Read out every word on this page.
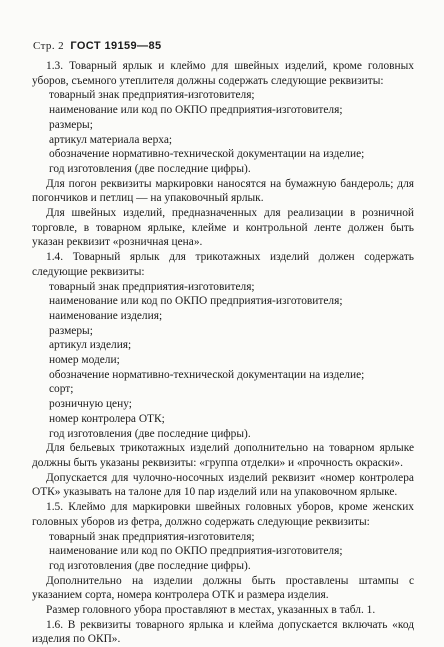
Стр. 2 ГОСТ 19159—85

1.3. Товарный ярлык и клеймо для швейных изделий, кроме головных уборов, съемного утеплителя должны содержать следующие реквизиты:

товарный знак предприятия-изготовителя;

наименование или код по ОКПО предприятия-изготовителя;

размеры;

артикул материала верха;

обозначение нормативно-технической документации на изделие;

год изготовления (две последние цифры).

Для погон реквизиты маркировки наносятся на бумажную бандероль; для погончиков и петлиц — на упаковочный ярлык.

Для швейных изделий, предназначенных для реализации в розничной торговле, в товарном ярлыке, клейме и контрольной ленте должен быть указан реквизит «розничная цена».

1.4. Товарный ярлык для трикотажных изделий должен содержать следующие реквизиты:

товарный знак предприятия-изготовителя;

наименование или код по ОКПО предприятия-изготовителя;

наименование изделия;

размеры;

артикул изделия;

номер модели;

обозначение нормативно-технической документации на изделие;

сорт;

розничную цену;

номер контролера ОТК;

год изготовления (две последние цифры).

Для бельевых трикотажных изделий дополнительно на товарном ярлыке должны быть указаны реквизиты: «группа отделки» и «прочность окраски».

Допускается для чулочно-носочных изделий реквизит «номер контролера ОТК» указывать на талоне для 10 пар изделий или на упаковочном ярлыке.

1.5. Клеймо для маркировки швейных головных уборов, кроме женских головных уборов из фетра, должно содержать следующие реквизиты:

товарный знак предприятия-изготовителя;

наименование или код по ОКПО предприятия-изготовителя;

год изготовления (две последние цифры).

Дополнительно на изделии должны быть проставлены штампы с указанием сорта, номера контролера ОТК и размера изделия.

Размер головного убора проставляют в местах, указанных в табл. 1.

1.6. В реквизиты товарного ярлыка и клейма допускается включать «код изделия по ОКП».
